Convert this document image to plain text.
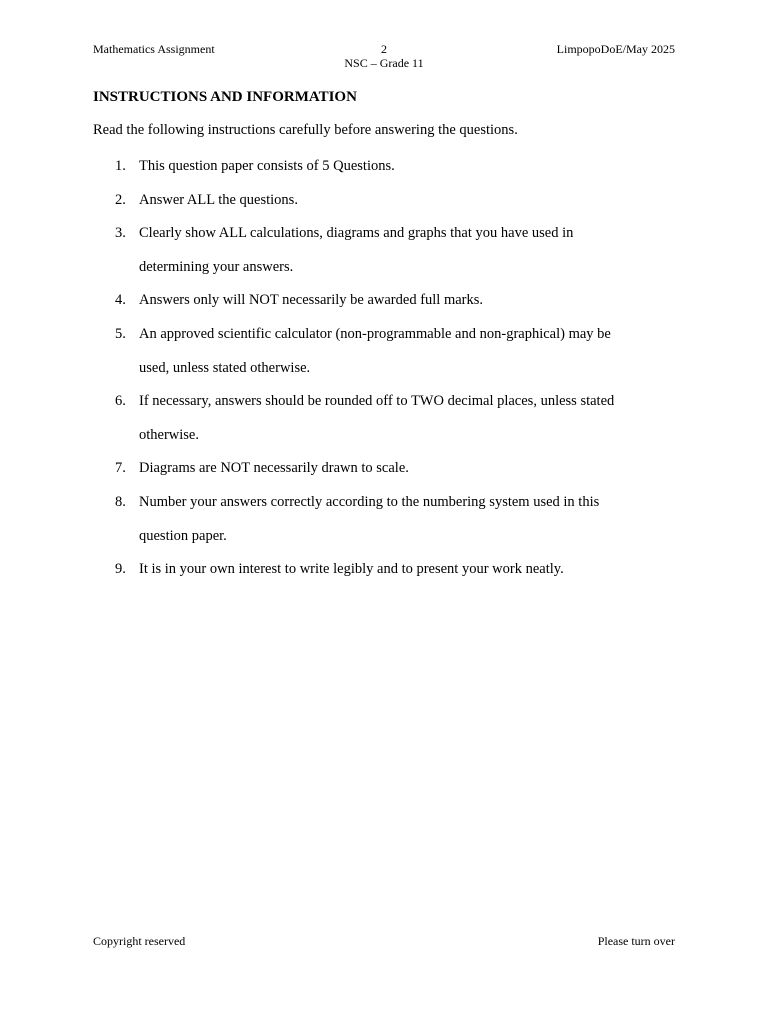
Mathematics Assignment	2
NSC – Grade 11
LimpopoDoE/May 2025
INSTRUCTIONS AND INFORMATION
Read the following instructions carefully before answering the questions.
1. This question paper consists of 5 Questions.
2. Answer ALL the questions.
3. Clearly show ALL calculations, diagrams and graphs that you have used in
determining your answers.
4. Answers only will NOT necessarily be awarded full marks.
5. An approved scientific calculator (non-programmable and non-graphical) may be
used, unless stated otherwise.
6. If necessary, answers should be rounded off to TWO decimal places, unless stated
otherwise.
7. Diagrams are NOT necessarily drawn to scale.
8. Number your answers correctly according to the numbering system used in this
question paper.
9. It is in your own interest to write legibly and to present your work neatly.
Copyright reserved	Please turn over
